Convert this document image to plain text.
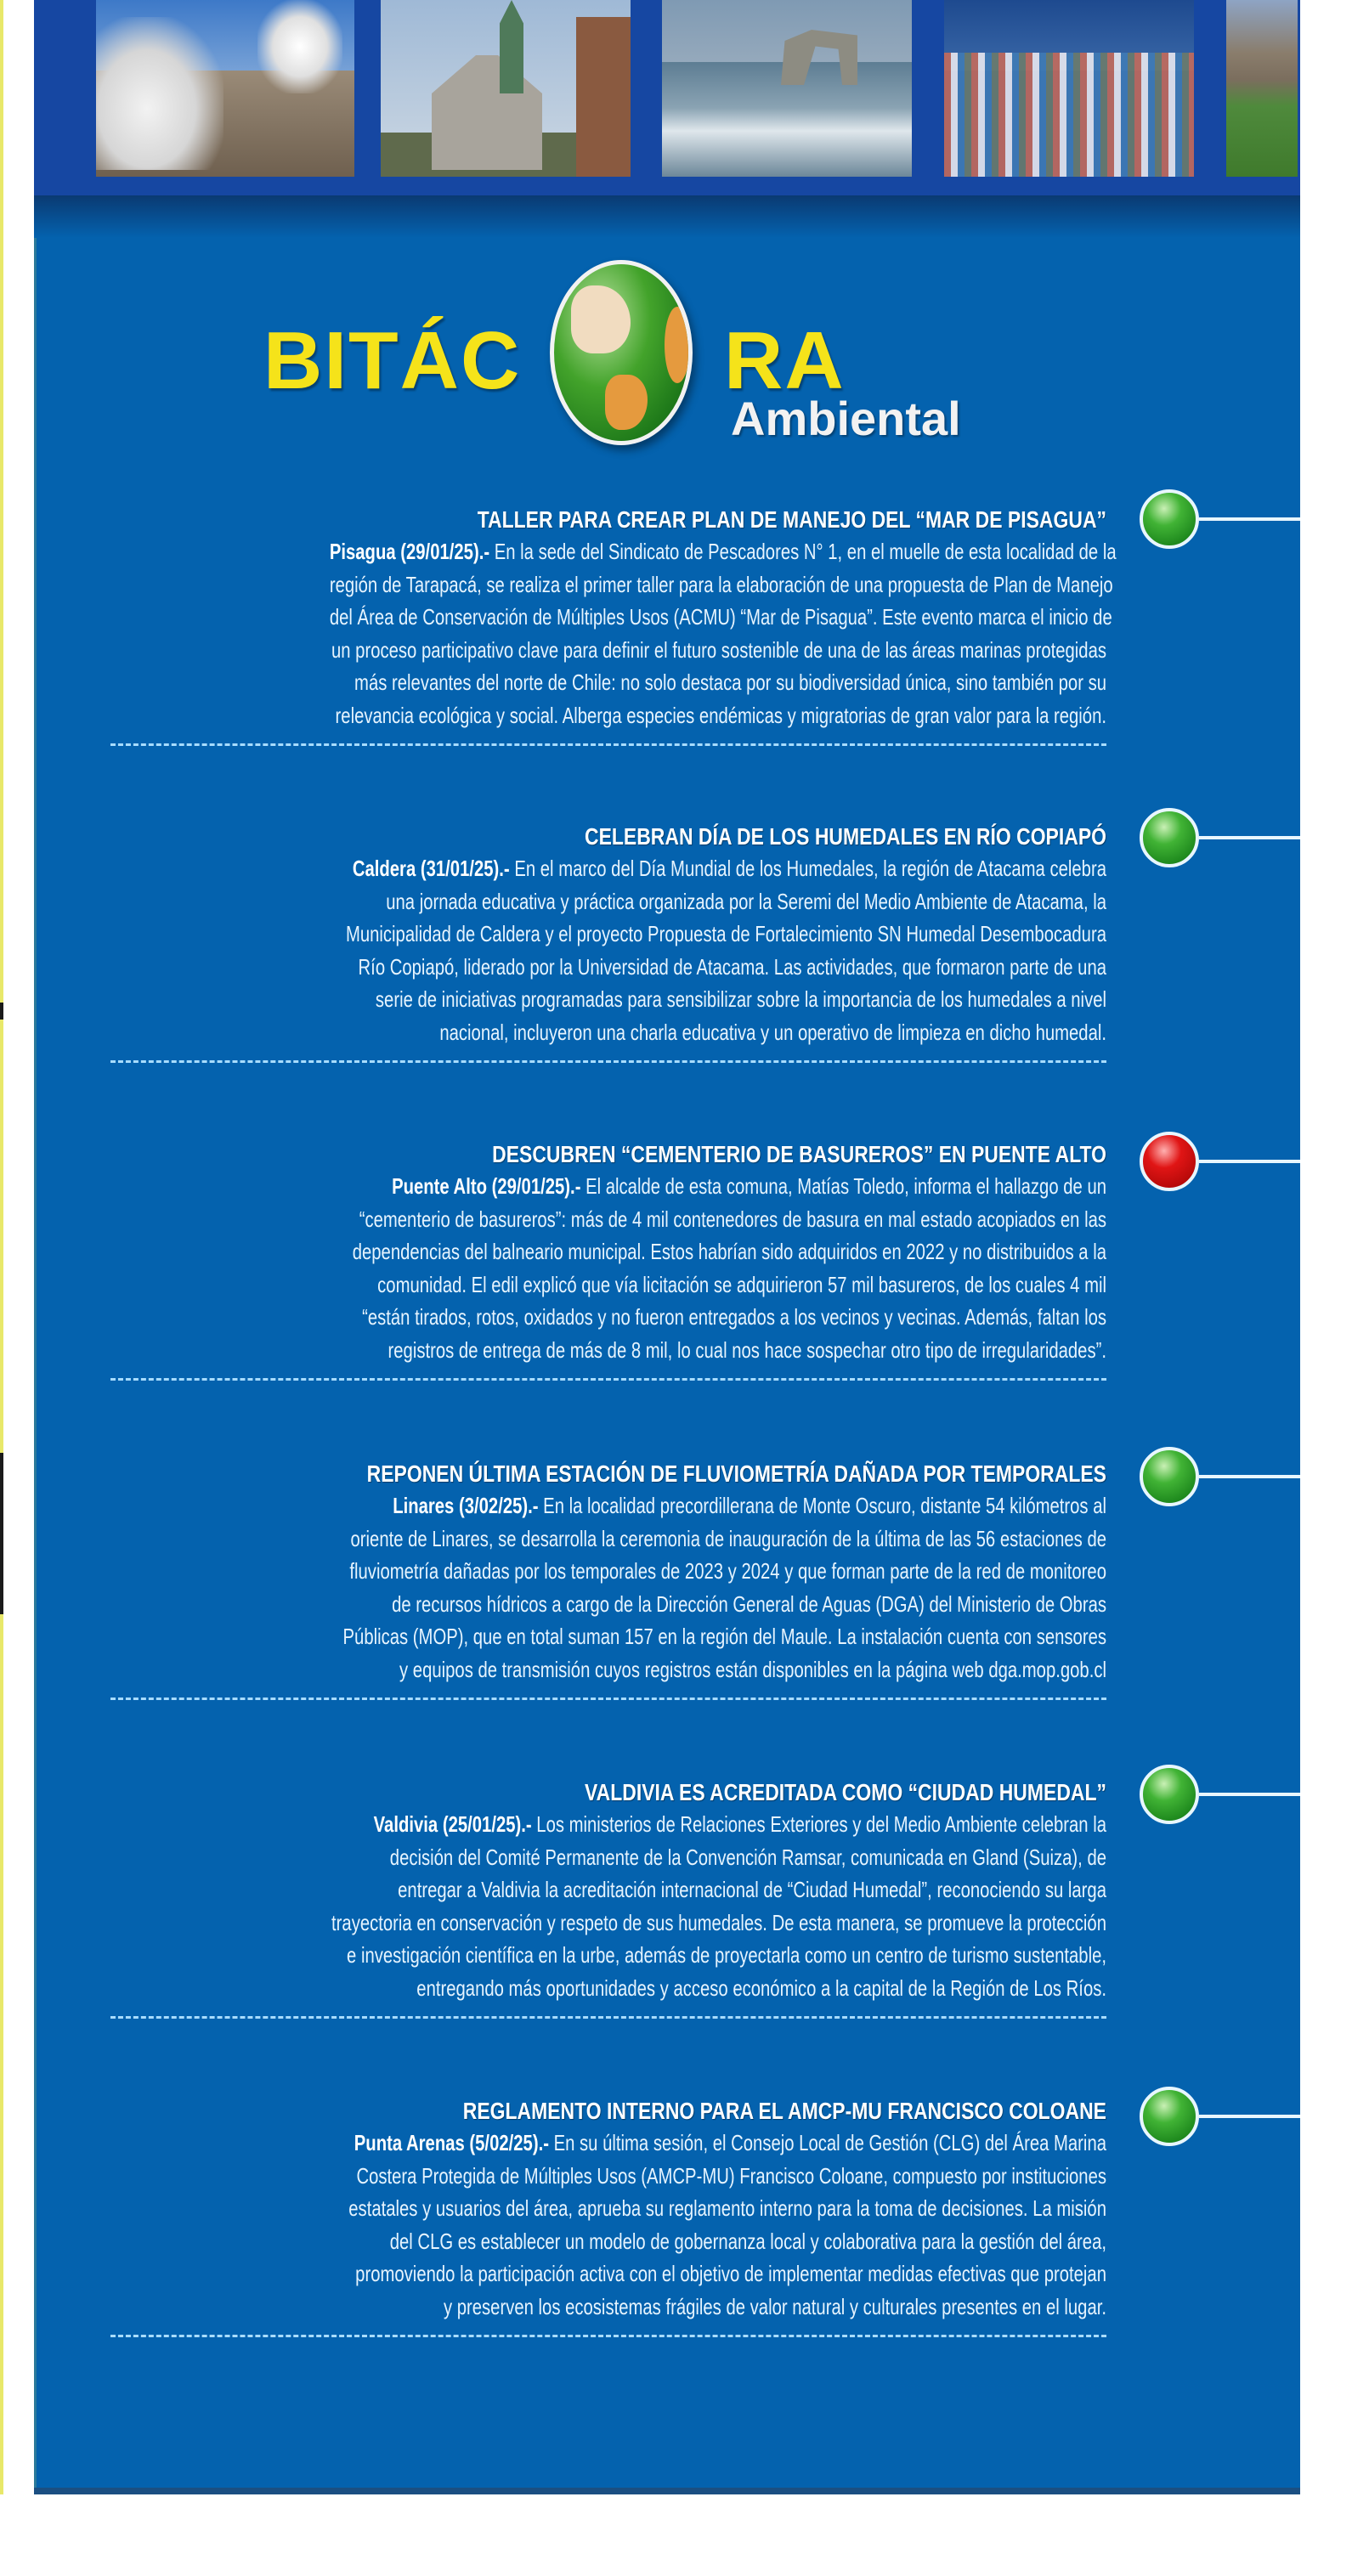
BITÁC RA
Ambiental
TALLER PARA CREAR PLAN DE MANEJO DEL “MAR DE PISAGUA”
Pisagua (29/01/25).- En la sede del Sindicato de Pescadores N° 1, en el muelle de esta localidad de la
región de Tarapacá, se realiza el primer taller para la elaboración de una propuesta de Plan de Manejo
del Área de Conservación de Múltiples Usos (ACMU) “Mar de Pisagua”. Este evento marca el inicio de
un proceso participativo clave para definir el futuro sostenible de una de las áreas marinas protegidas
más relevantes del norte de Chile: no solo destaca por su biodiversidad única, sino también por su
relevancia ecológica y social. Alberga especies endémicas y migratorias de gran valor para la región.
CELEBRAN DÍA DE LOS HUMEDALES EN RÍO COPIAPÓ
Caldera (31/01/25).- En el marco del Día Mundial de los Humedales, la región de Atacama celebra
una jornada educativa y práctica organizada por la Seremi del Medio Ambiente de Atacama, la
Municipalidad de Caldera y el proyecto Propuesta de Fortalecimiento SN Humedal Desembocadura
Río Copiapó, liderado por la Universidad de Atacama. Las actividades, que formaron parte de una
serie de iniciativas programadas para sensibilizar sobre la importancia de los humedales a nivel
nacional, incluyeron una charla educativa y un operativo de limpieza en dicho humedal.
DESCUBREN “CEMENTERIO DE BASUREROS” EN PUENTE ALTO
Puente Alto (29/01/25).- El alcalde de esta comuna, Matías Toledo, informa el hallazgo de un
“cementerio de basureros”: más de 4 mil contenedores de basura en mal estado acopiados en las
dependencias del balneario municipal. Estos habrían sido adquiridos en 2022 y no distribuidos a la
comunidad. El edil explicó que vía licitación se adquirieron 57 mil basureros, de los cuales 4 mil
“están tirados, rotos, oxidados y no fueron entregados a los vecinos y vecinas. Además, faltan los
registros de entrega de más de 8 mil, lo cual nos hace sospechar otro tipo de irregularidades”.
REPONEN ÚLTIMA ESTACIÓN DE FLUVIOMETRÍA DAÑADA POR TEMPORALES
Linares (3/02/25).- En la localidad precordillerana de Monte Oscuro, distante 54 kilómetros al
oriente de Linares, se desarrolla la ceremonia de inauguración de la última de las 56 estaciones de
fluviometría dañadas por los temporales de 2023 y 2024 y que forman parte de la red de monitoreo
de recursos hídricos a cargo de la Dirección General de Aguas (DGA) del Ministerio de Obras
Públicas (MOP), que en total suman 157 en la región del Maule. La instalación cuenta con sensores
y equipos de transmisión cuyos registros están disponibles en la página web dga.mop.gob.cl
VALDIVIA ES ACREDITADA COMO “CIUDAD HUMEDAL”
Valdivia (25/01/25).- Los ministerios de Relaciones Exteriores y del Medio Ambiente celebran la
decisión del Comité Permanente de la Convención Ramsar, comunicada en Gland (Suiza), de
entregar a Valdivia la acreditación internacional de “Ciudad Humedal”, reconociendo su larga
trayectoria en conservación y respeto de sus humedales. De esta manera, se promueve la protección
e investigación científica en la urbe, además de proyectarla como un centro de turismo sustentable,
entregando más oportunidades y acceso económico a la capital de la Región de Los Ríos.
REGLAMENTO INTERNO PARA EL AMCP-MU FRANCISCO COLOANE
Punta Arenas (5/02/25).- En su última sesión, el Consejo Local de Gestión (CLG) del Área Marina
Costera Protegida de Múltiples Usos (AMCP-MU) Francisco Coloane, compuesto por instituciones
estatales y usuarios del área, aprueba su reglamento interno para la toma de decisiones. La misión
del CLG es establecer un modelo de gobernanza local y colaborativa para la gestión del área,
promoviendo la participación activa con el objetivo de implementar medidas efectivas que protejan
y preserven los ecosistemas frágiles de valor natural y culturales presentes en el lugar.
